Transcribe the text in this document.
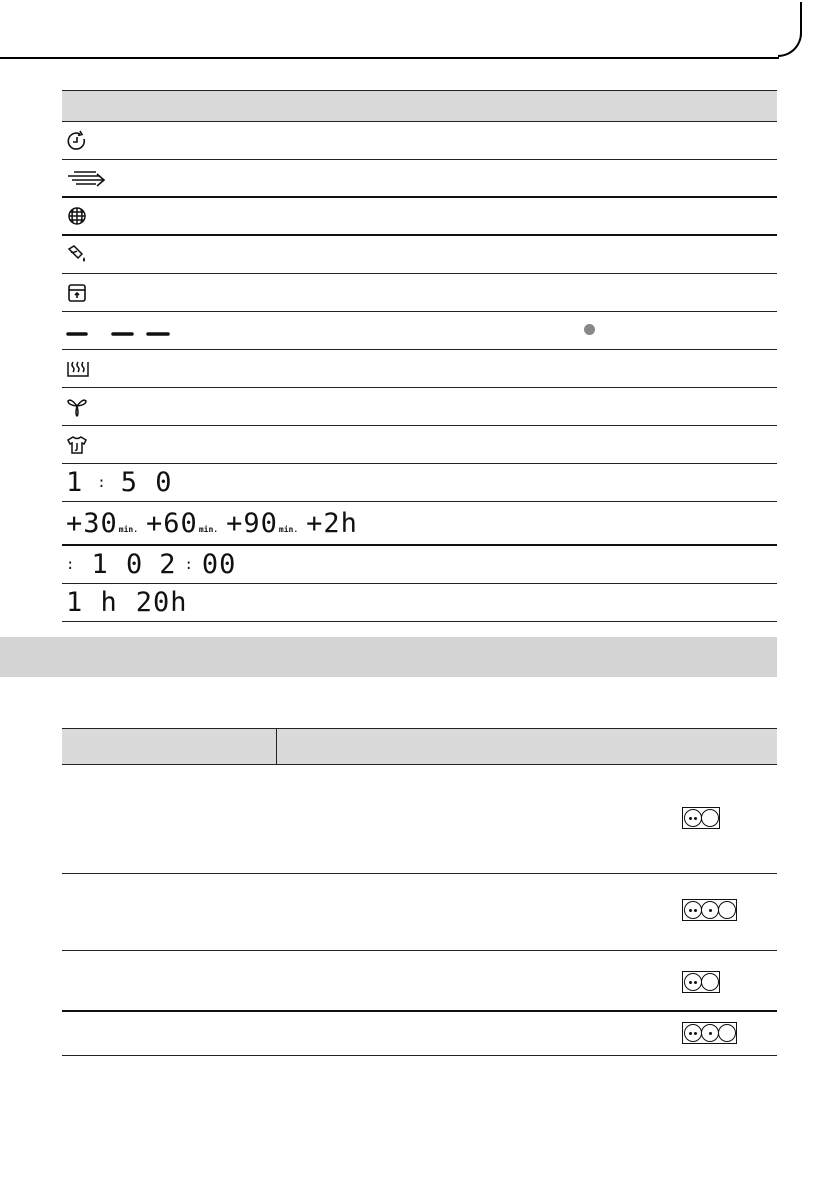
1 : 5 0
+30min. +60min. +90min. +2h
: 1 0 2 : 00
1 h 20h
